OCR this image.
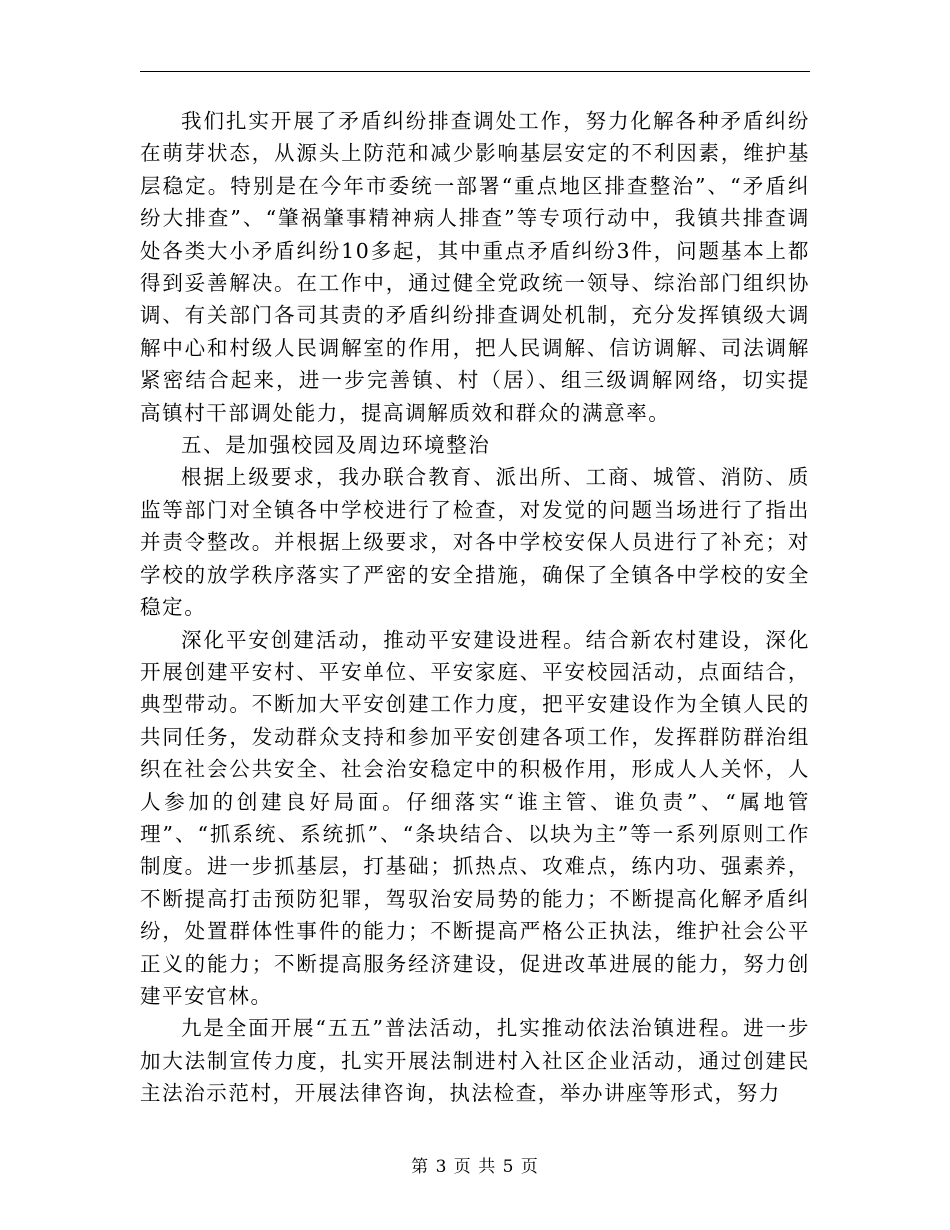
我们扎实开展了矛盾纠纷排查调处工作，努力化解各种矛盾纠纷在萌芽状态，从源头上防范和减少影响基层安定的不利因素，维护基层稳定。特别是在今年市委统一部署“重点地区排查整治”、“矛盾纠纷大排查”、“肇祸肇事精神病人排查”等专项行动中，我镇共排查调处各类大小矛盾纠纷10多起，其中重点矛盾纠纷3件，问题基本上都得到妥善解决。在工作中，通过健全党政统一领导、综治部门组织协调、有关部门各司其责的矛盾纠纷排查调处机制，充分发挥镇级大调解中心和村级人民调解室的作用，把人民调解、信访调解、司法调解紧密结合起来，进一步完善镇、村（居）、组三级调解网络，切实提高镇村干部调处能力，提高调解质效和群众的满意率。

五、是加强校园及周边环境整治

根据上级要求，我办联合教育、派出所、工商、城管、消防、质监等部门对全镇各中学校进行了检查，对发觉的问题当场进行了指出并责令整改。并根据上级要求，对各中学校安保人员进行了补充；对学校的放学秩序落实了严密的安全措施，确保了全镇各中学校的安全稳定。

深化平安创建活动，推动平安建设进程。结合新农村建设，深化开展创建平安村、平安单位、平安家庭、平安校园活动，点面结合，典型带动。不断加大平安创建工作力度，把平安建设作为全镇人民的共同任务，发动群众支持和参加平安创建各项工作，发挥群防群治组织在社会公共安全、社会治安稳定中的积极作用，形成人人关怀，人人参加的创建良好局面。仔细落实“谁主管、谁负责”、“属地管理”、“抓系统、系统抓”、“条块结合、以块为主”等一系列原则工作制度。进一步抓基层，打基础；抓热点、攻难点，练内功、强素养，不断提高打击预防犯罪，驾驭治安局势的能力；不断提高化解矛盾纠纷，处置群体性事件的能力；不断提高严格公正执法，维护社会公平正义的能力；不断提高服务经济建设，促进改革进展的能力，努力创建平安官林。

九是全面开展“五五”普法活动，扎实推动依法治镇进程。进一步加大法制宣传力度，扎实开展法制进村入社区企业活动，通过创建民主法治示范村，开展法律咨询，执法检查，举办讲座等形式，努力

第 3 页 共 5 页
